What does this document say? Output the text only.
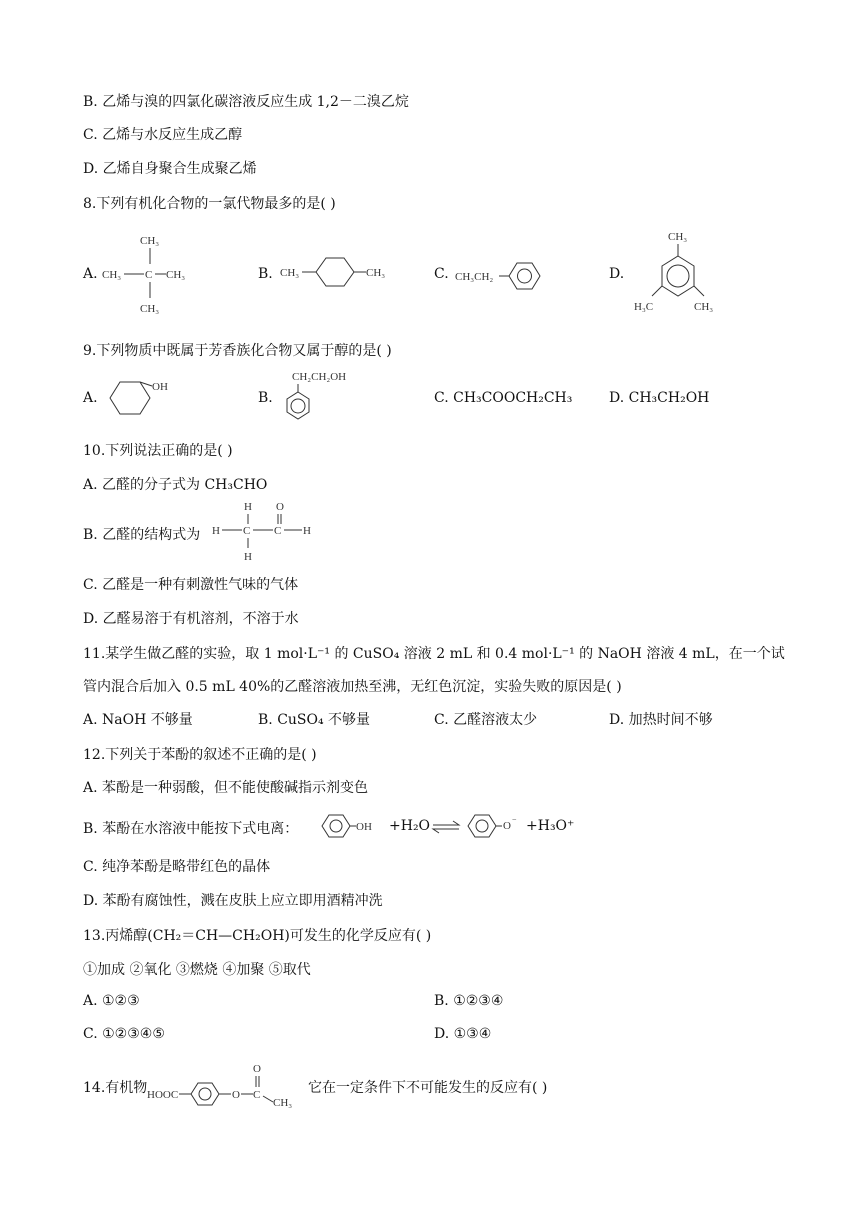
B. 乙烯与溴的四氯化碳溶液反应生成 1,2－二溴乙烷
C. 乙烯与水反应生成乙醇
D. 乙烯自身聚合生成聚乙烯
8.下列有机化合物的一氯代物最多的是( )
A.	B.	C.	D.
CH₃
CH₃ C CH₃
CH₃
CH₃	CH₃	CH₃CH₂
CH₃
H₃C	CH₃
9.下列物质中既属于芳香族化合物又属于醇的是( )
A.	B.	C. CH₃COOCH₂CH₃	D. CH₃CH₂OH
OH
CH₂CH₂OH
10.下列说法正确的是( )
A. 乙醛的分子式为 CH₃CHO
B. 乙醛的结构式为
H O
H C C H
H
C. 乙醛是一种有刺激性气味的气体
D. 乙醛易溶于有机溶剂，不溶于水
11.某学生做乙醛的实验，取 1 mol·L⁻¹ 的 CuSO₄ 溶液 2 mL 和 0.4 mol·L⁻¹ 的 NaOH 溶液 4 mL，在一个试
管内混合后加入 0.5 mL 40%的乙醛溶液加热至沸，无红色沉淀，实验失败的原因是( )
A. NaOH 不够量	B. CuSO₄ 不够量	C. 乙醛溶液太少	D. 加热时间不够
12.下列关于苯酚的叙述不正确的是( )
A. 苯酚是一种弱酸，但不能使酸碱指示剂变色
B. 苯酚在水溶液中能按下式电离：	OH +H₂O	O
− +H₃O⁺
C. 纯净苯酚是略带红色的晶体
D. 苯酚有腐蚀性，溅在皮肤上应立即用酒精冲洗
13.丙烯醇(CH₂＝CH—CH₂OH)可发生的化学反应有( )
①加成 ②氧化 ③燃烧 ④加聚 ⑤取代
A. ①②③	B. ①②③④
C. ①②③④⑤	D. ①③④
14.有机物 HOOC	O C
O
CH₃
它在一定条件下不可能发生的反应有( )
